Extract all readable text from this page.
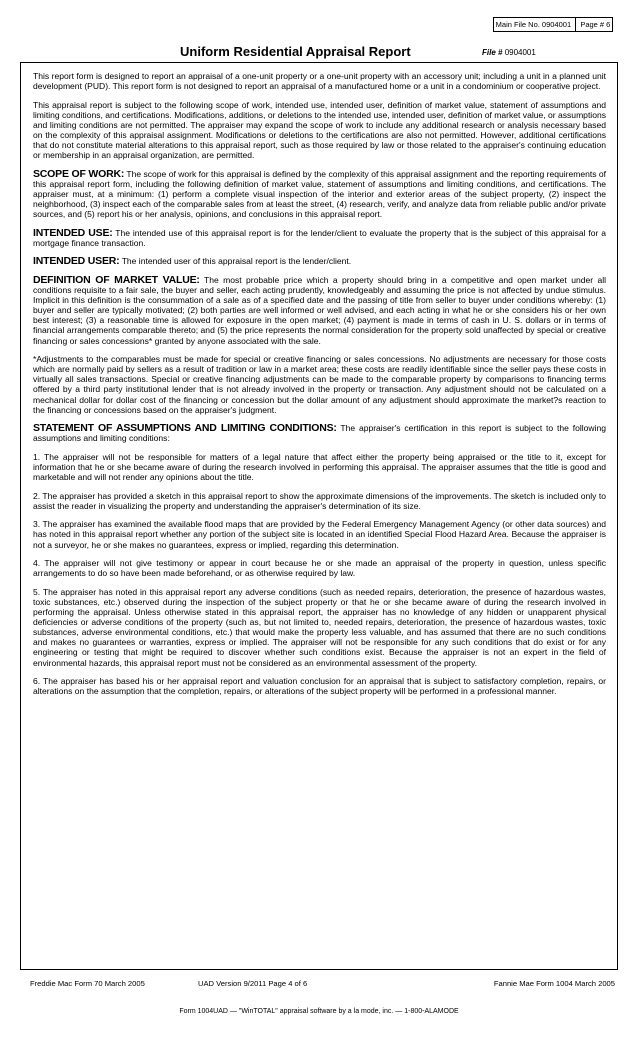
Main File No. 0904001 Page # 6
Uniform Residential Appraisal Report	File # 0904001

This report form is designed to report an appraisal of a one-unit property or a one-unit property with an accessory unit; including a unit in a planned unit development (PUD). This report form is not designed to report an appraisal of a manufactured home or a unit in a condominium or cooperative project.

This appraisal report is subject to the following scope of work, intended use, intended user, definition of market value, statement of assumptions and limiting conditions, and certifications. Modifications, additions, or deletions to the intended use, intended user, definition of market value, or assumptions and limiting conditions are not permitted. The appraiser may expand the scope of work to include any additional research or analysis necessary based on the complexity of this appraisal assignment. Modifications or deletions to the certifications are also not permitted. However, additional certifications that do not constitute material alterations to this appraisal report, such as those required by law or those related to the appraiser's continuing education or membership in an appraisal organization, are permitted.

SCOPE OF WORK: The scope of work for this appraisal is defined by the complexity of this appraisal assignment and the reporting requirements of this appraisal report form, including the following definition of market value, statement of assumptions and limiting conditions, and certifications. The appraiser must, at a minimum: (1) perform a complete visual inspection of the interior and exterior areas of the subject property, (2) inspect the neighborhood, (3) inspect each of the comparable sales from at least the street, (4) research, verify, and analyze data from reliable public and/or private sources, and (5) report his or her analysis, opinions, and conclusions in this appraisal report.

INTENDED USE: The intended use of this appraisal report is for the lender/client to evaluate the property that is the subject of this appraisal for a mortgage finance transaction.

INTENDED USER: The intended user of this appraisal report is the lender/client.

DEFINITION OF MARKET VALUE: The most probable price which a property should bring in a competitive and open market under all conditions requisite to a fair sale, the buyer and seller, each acting prudently, knowledgeably and assuming the price is not affected by undue stimulus. Implicit in this definition is the consummation of a sale as of a specified date and the passing of title from seller to buyer under conditions whereby: (1) buyer and seller are typically motivated; (2) both parties are well informed or well advised, and each acting in what he or she considers his or her own best interest; (3) a reasonable time is allowed for exposure in the open market; (4) payment is made in terms of cash in U. S. dollars or in terms of financial arrangements comparable thereto; and (5) the price represents the normal consideration for the property sold unaffected by special or creative financing or sales concessions* granted by anyone associated with the sale.

*Adjustments to the comparables must be made for special or creative financing or sales concessions. No adjustments are necessary for those costs which are normally paid by sellers as a result of tradition or law in a market area; these costs are readily identifiable since the seller pays these costs in virtually all sales transactions. Special or creative financing adjustments can be made to the comparable property by comparisons to financing terms offered by a third party institutional lender that is not already involved in the property or transaction. Any adjustment should not be calculated on a mechanical dollar for dollar cost of the financing or concession but the dollar amount of any adjustment should approximate the market?s reaction to the financing or concessions based on the appraiser's judgment.

STATEMENT OF ASSUMPTIONS AND LIMITING CONDITIONS: The appraiser's certification in this report is subject to the following assumptions and limiting conditions:

1. The appraiser will not be responsible for matters of a legal nature that affect either the property being appraised or the title to it, except for information that he or she became aware of during the research involved in performing this appraisal. The appraiser assumes that the title is good and marketable and will not render any opinions about the title.

2. The appraiser has provided a sketch in this appraisal report to show the approximate dimensions of the improvements. The sketch is included only to assist the reader in visualizing the property and understanding the appraiser's determination of its size.

3. The appraiser has examined the available flood maps that are provided by the Federal Emergency Management Agency (or other data sources) and has noted in this appraisal report whether any portion of the subject site is located in an identified Special Flood Hazard Area. Because the appraiser is not a surveyor, he or she makes no guarantees, express or implied, regarding this determination.

4. The appraiser will not give testimony or appear in court because he or she made an appraisal of the property in question, unless specific arrangements to do so have been made beforehand, or as otherwise required by law.

5. The appraiser has noted in this appraisal report any adverse conditions (such as needed repairs, deterioration, the presence of hazardous wastes, toxic substances, etc.) observed during the inspection of the subject property or that he or she became aware of during the research involved in performing the appraisal. Unless otherwise stated in this appraisal report, the appraiser has no knowledge of any hidden or unapparent physical deficiencies or adverse conditions of the property (such as, but not limited to, needed repairs, deterioration, the presence of hazardous wastes, toxic substances, adverse environmental conditions, etc.) that would make the property less valuable, and has assumed that there are no such conditions and makes no guarantees or warranties, express or implied. The appraiser will not be responsible for any such conditions that do exist or for any engineering or testing that might be required to discover whether such conditions exist. Because the appraiser is not an expert in the field of environmental hazards, this appraisal report must not be considered as an environmental assessment of the property.

6. The appraiser has based his or her appraisal report and valuation conclusion for an appraisal that is subject to satisfactory completion, repairs, or alterations on the assumption that the completion, repairs, or alterations of the subject property will be performed in a professional manner.

Freddie Mac Form 70 March 2005	UAD Version 9/2011 Page 4 of 6	Fannie Mae Form 1004 March 2005
Form 1004UAD — "WinTOTAL" appraisal software by a la mode, inc. — 1-800-ALAMODE
